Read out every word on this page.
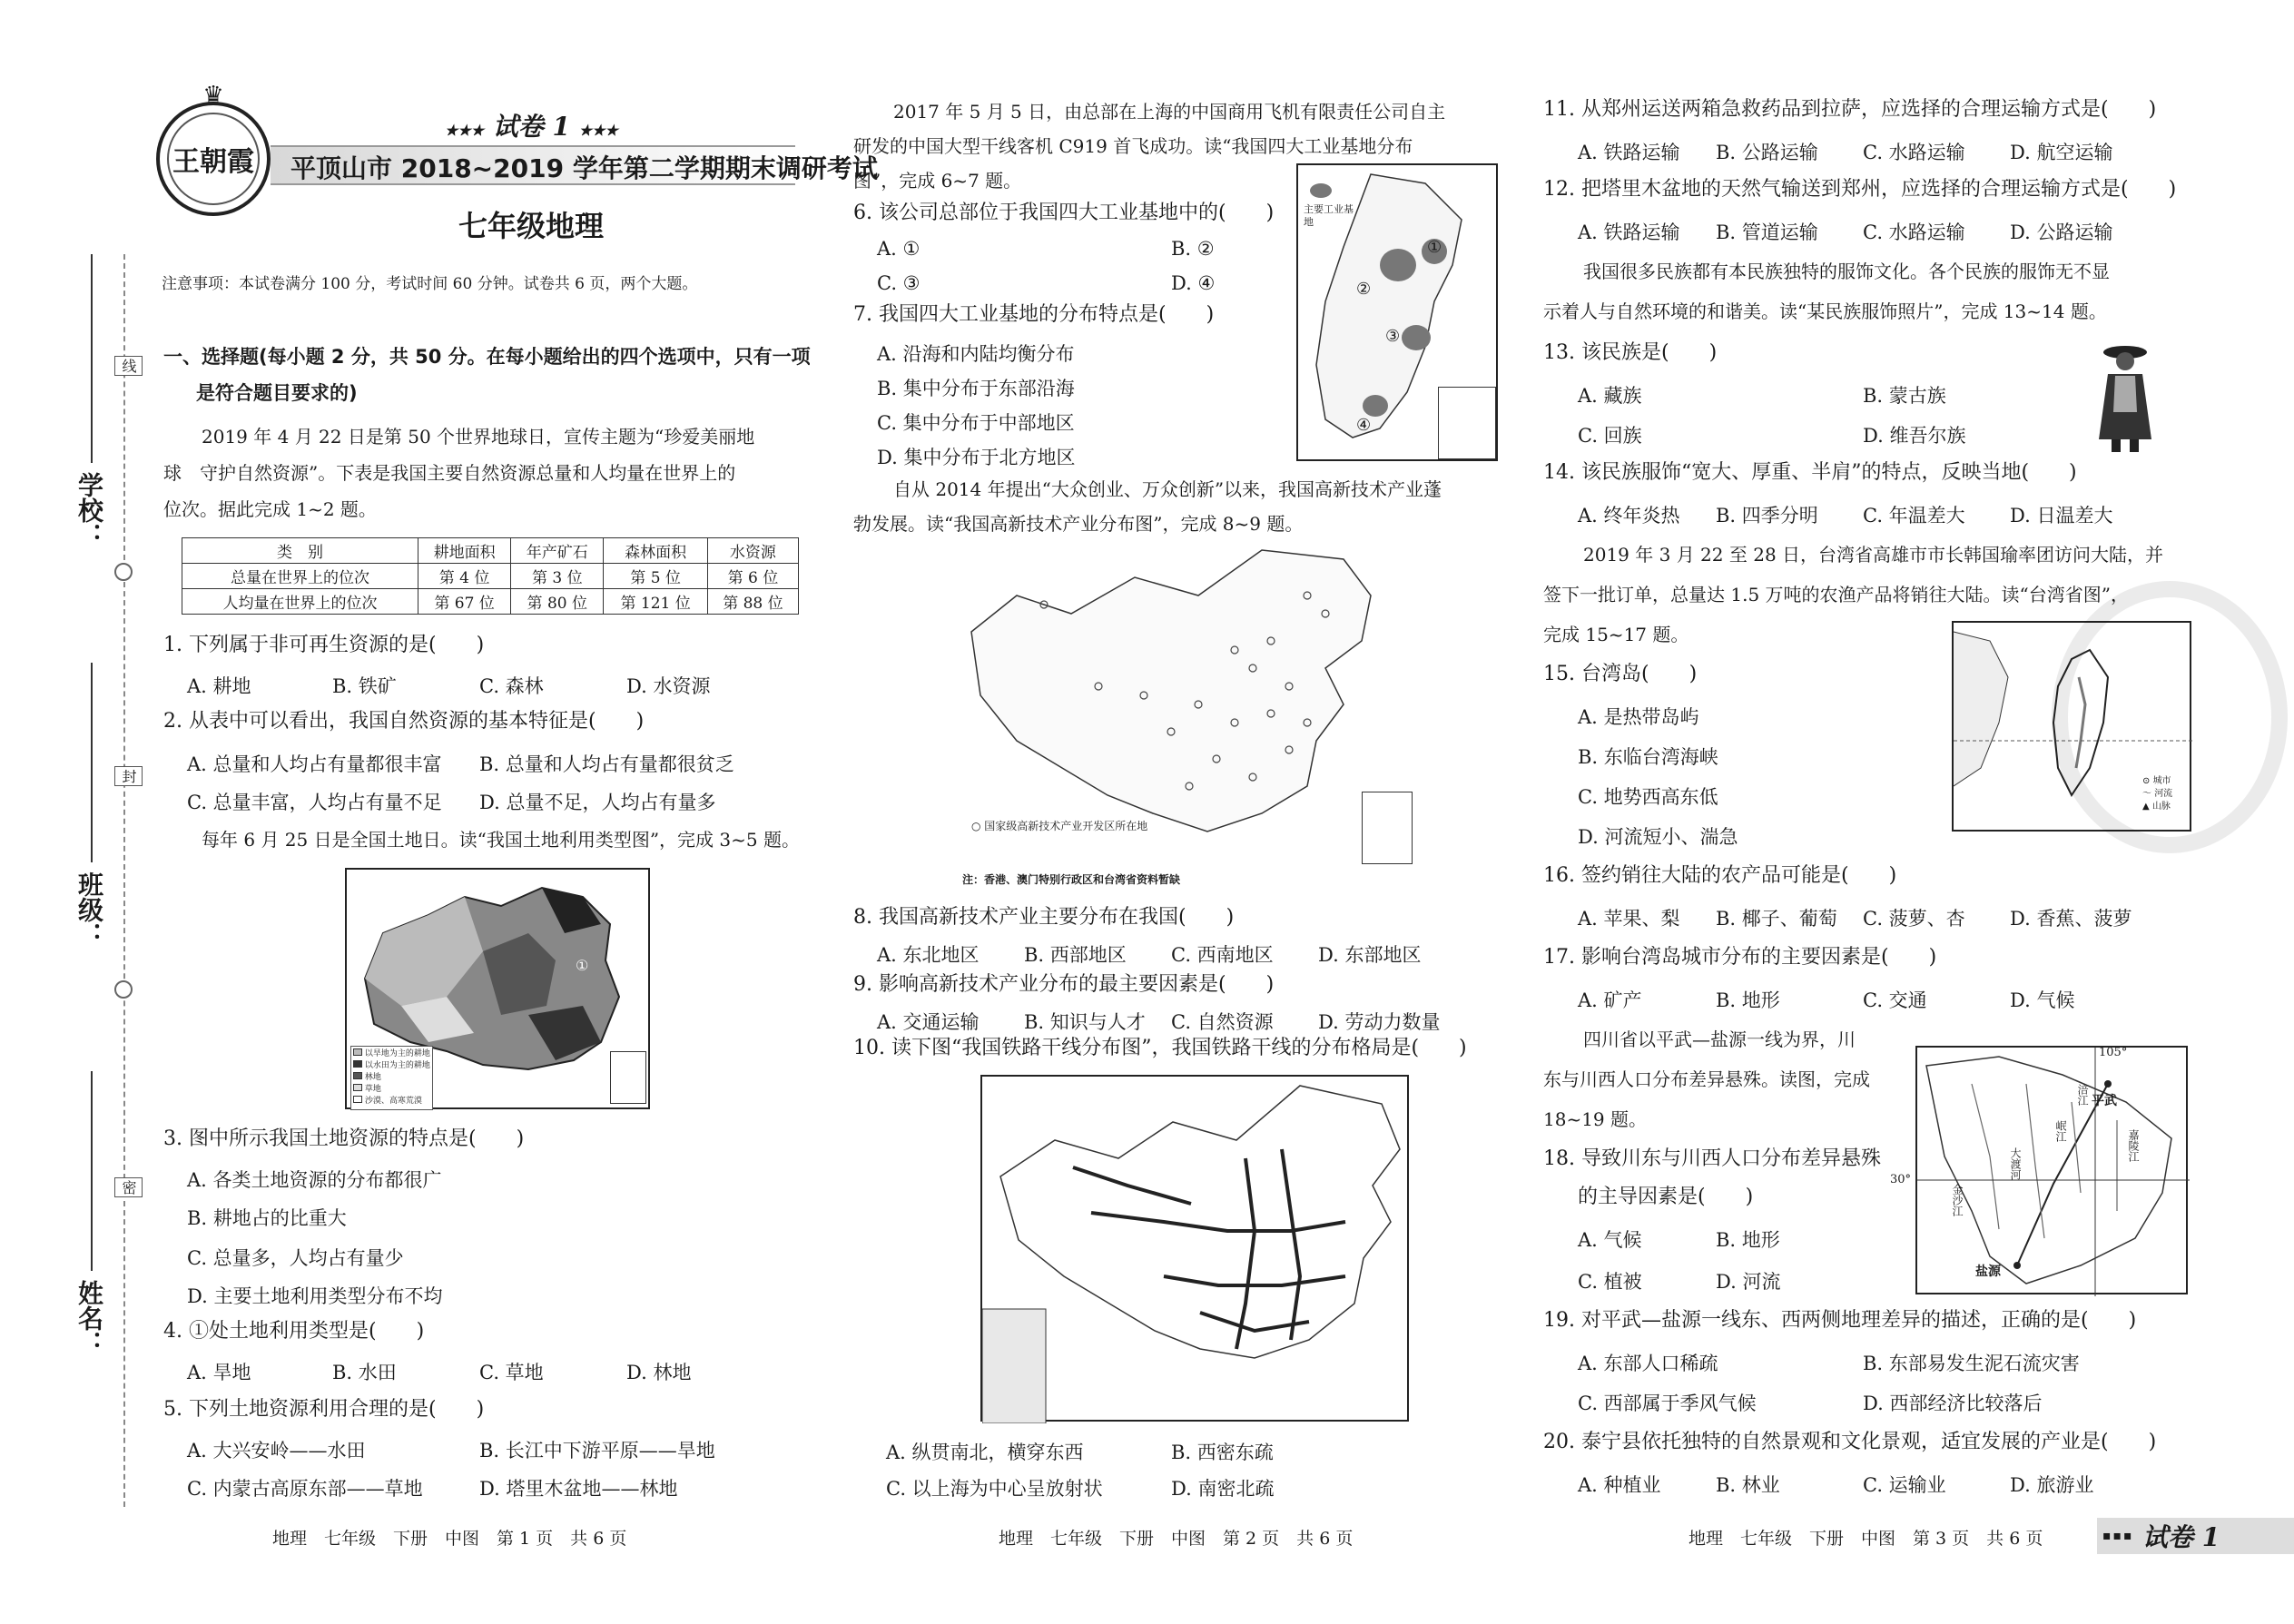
学校：
班级：
姓名：
线
封
密
王朝霞
♛
★★★ 试卷 1 ★★★
平顶山市 2018~2019 学年第二学期期末调研考试
七年级地理
注意事项：本试卷满分 100 分，考试时间 60 分钟。试卷共 6 页，两个大题。
一、选择题(每小题 2 分，共 50 分。在每小题给出的四个选项中，只有一项
是符合题目要求的)
2019 年 4 月 22 日是第 50 个世界地球日，宣传主题为“珍爱美丽地
球　守护自然资源”。下表是我国主要自然资源总量和人均量在世界上的
位次。据此完成 1~2 题。
类　别	耕地面积	年产矿石	森林面积	水资源
总量在世界上的位次	第 4 位	第 3 位	第 5 位	第 6 位
人均量在世界上的位次	第 67 位	第 80 位	第 121 位	第 88 位
1. 下列属于非可再生资源的是(　　)
A. 耕地	B. 铁矿	C. 森林	D. 水资源
2. 从表中可以看出，我国自然资源的基本特征是(　　)
A. 总量和人均占有量都很丰富 B. 总量和人均占有量都很贫乏
C. 总量丰富，人均占有量不足 D. 总量不足，人均占有量多
每年 6 月 25 日是全国土地日。读“我国土地利用类型图”，完成 3~5 题。
①
以旱地为主的耕地
以水田为主的耕地
林地
草地
沙漠、高寒荒漠
3. 图中所示我国土地资源的特点是(　　)
A. 各类土地资源的分布都很广
B. 耕地占的比重大
C. 总量多，人均占有量少
D. 主要土地利用类型分布不均
4. ①处土地利用类型是(　　)
A. 旱地	B. 水田	C. 草地	D. 林地
5. 下列土地资源利用合理的是(　　)
A. 大兴安岭——水田	B. 长江中下游平原——旱地
C. 内蒙古高原东部——草地	D. 塔里木盆地——林地
地理　七年级　下册　中图　第 1 页　共 6 页
2017 年 5 月 5 日，由总部在上海的中国商用飞机有限责任公司自主
研发的中国大型干线客机 C919 首飞成功。读“我国四大工业基地分布
图”，完成 6~7 题。
主要工业基地
①
②
③
④
6. 该公司总部位于我国四大工业基地中的(　　)
A. ①	B. ②
C. ③	D. ④
7. 我国四大工业基地的分布特点是(　　)
A. 沿海和内陆均衡分布
B. 集中分布于东部沿海
C. 集中分布于中部地区
D. 集中分布于北方地区
自从 2014 年提出“大众创业、万众创新”以来，我国高新技术产业蓬
勃发展。读“我国高新技术产业分布图”，完成 8~9 题。
○ 国家级高新技术产业开发区所在地
注：香港、澳门特别行政区和台湾省资料暂缺
8. 我国高新技术产业主要分布在我国(　　)
A. 东北地区 B. 西部地区 C. 西南地区 D. 东部地区
9. 影响高新技术产业分布的最主要因素是(　　)
A. 交通运输 B. 知识与人才 C. 自然资源 D. 劳动力数量
10. 读下图“我国铁路干线分布图”，我国铁路干线的分布格局是(　　)
A. 纵贯南北，横穿东西	B. 西密东疏
C. 以上海为中心呈放射状	D. 南密北疏
地理　七年级　下册　中图　第 2 页　共 6 页
11. 从郑州运送两箱急救药品到拉萨，应选择的合理运输方式是(　　)
A. 铁路运输 B. 公路运输 C. 水路运输 D. 航空运输
12. 把塔里木盆地的天然气输送到郑州，应选择的合理运输方式是(　　)
A. 铁路运输 B. 管道运输 C. 水路运输 D. 公路运输
我国很多民族都有本民族独特的服饰文化。各个民族的服饰无不显
示着人与自然环境的和谐美。读“某民族服饰照片”，完成 13~14 题。
13. 该民族是(　　)
A. 藏族	B. 蒙古族
C. 回族	D. 维吾尔族
14. 该民族服饰“宽大、厚重、半肩”的特点，反映当地(　　)
A. 终年炎热 B. 四季分明 C. 年温差大 D. 日温差大
2019 年 3 月 22 至 28 日，台湾省高雄市市长韩国瑜率团访问大陆，并
签下一批订单，总量达 1.5 万吨的农渔产品将销往大陆。读“台湾省图”，
完成 15~17 题。
⊙ 城市
～ 河流
▲ 山脉
15. 台湾岛(　　)
A. 是热带岛屿
B. 东临台湾海峡
C. 地势西高东低
D. 河流短小、湍急
16. 签约销往大陆的农产品可能是(　　)
A. 苹果、梨 B. 椰子、葡萄 C. 菠萝、杏 D. 香蕉、菠萝
17. 影响台湾岛城市分布的主要因素是(　　)
A. 矿产	B. 地形	C. 交通	D. 气候
四川省以平武—盐源一线为界，川
东与川西人口分布差异悬殊。读图，完成
18~19 题。
105°
30°
平武
盐源
金沙江
大渡河
岷江	嘉陵江
涪江
18. 导致川东与川西人口分布差异悬殊
的主导因素是(　　)
A. 气候	B. 地形
C. 植被	D. 河流
19. 对平武—盐源一线东、西两侧地理差异的描述，正确的是(　　)
A. 东部人口稀疏	B. 东部易发生泥石流灾害
C. 西部属于季风气候	D. 西部经济比较落后
20. 泰宁县依托独特的自然景观和文化景观，适宜发展的产业是(　　)
A. 种植业	B. 林业	C. 运输业	D. 旅游业
地理　七年级　下册　中图　第 3 页　共 6 页	▪▪▪ 试卷 1
